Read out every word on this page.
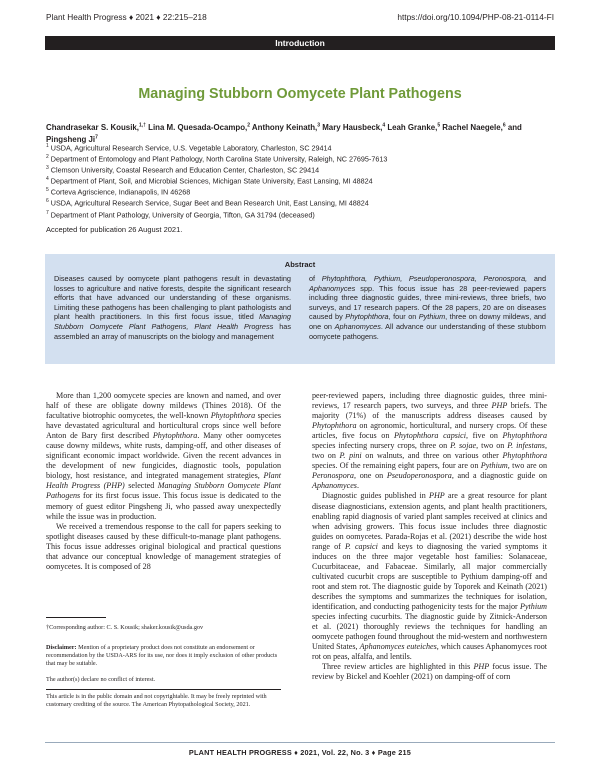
Plant Health Progress ♦ 2021 ♦ 22:215–218	https://doi.org/10.1094/PHP-08-21-0114-FI
Introduction
Managing Stubborn Oomycete Plant Pathogens
Chandrasekar S. Kousik,$^{1,\dagger}$ Lina M. Quesada-Ocampo,$^2$ Anthony Keinath,$^3$ Mary Hausbeck,$^4$ Leah Granke,$^5$ Rachel Naegele,$^6$ and Pingsheng Ji$^7$
$^1$ USDA, Agricultural Research Service, U.S. Vegetable Laboratory, Charleston, SC 29414
$^2$ Department of Entomology and Plant Pathology, North Carolina State University, Raleigh, NC 27695-7613
$^3$ Clemson University, Coastal Research and Education Center, Charleston, SC 29414
$^4$ Department of Plant, Soil, and Microbial Sciences, Michigan State University, East Lansing, MI 48824
$^5$ Corteva Agriscience, Indianapolis, IN 46268
$^6$ USDA, Agricultural Research Service, Sugar Beet and Bean Research Unit, East Lansing, MI 48824
$^7$ Department of Plant Pathology, University of Georgia, Tifton, GA 31794 (deceased)
Accepted for publication 26 August 2021.
Abstract
Diseases caused by oomycete plant pathogens result in devastating losses to agriculture and native forests, despite the significant research efforts that have advanced our understanding of these organisms. Limiting these pathogens has been challenging to plant pathologists and plant health practitioners. In this first focus issue, titled Managing Stubborn Oomycete Plant Pathogens, Plant Health Progress has assembled an array of manuscripts on the biology and management
of Phytophthora, Pythium, Pseudoperonospora, Peronospora, and Aphanomyces spp. This focus issue has 28 peer-reviewed papers including three diagnostic guides, three mini-reviews, three briefs, two surveys, and 17 research papers. Of the 28 papers, 20 are on diseases caused by Phytophthora, four on Pythium, three on downy mildews, and one on Aphanomyces. All advance our understanding of these stubborn oomycete pathogens.

More than 1,200 oomycete species are known and named, and over half of these are obligate downy mildews (Thines 2018). Of the facultative biotrophic oomycetes, the well-known Phytophthora species have devastated agricultural and horticultural crops since well before Anton de Bary first described Phytophthora. Many other oomycetes cause downy mildews, white rusts, damping-off, and other diseases of significant economic impact worldwide. Given the recent advances in the development of new fungicides, diagnostic tools, population biology, host resistance, and integrated management strategies, Plant Health Progress (PHP) selected Managing Stubborn Oomycete Plant Pathogens for its first focus issue. This focus issue is dedicated to the memory of guest editor Pingsheng Ji, who passed away unexpectedly while the issue was in production.

We received a tremendous response to the call for papers seeking to spotlight diseases caused by these difficult-to-manage plant pathogens. This focus issue addresses original biological and practical questions that advance our conceptual knowledge of management strategies of oomycetes. It is composed of 28

†Corresponding author: C. S. Kousik; shaker.kousik@usda.gov
Disclaimer: Mention of a proprietary product does not constitute an endorsement or recommendation by the USDA-ARS for its use, nor does it imply exclusion of other products that may be suitable.
The author(s) declare no conflict of interest.
This article is in the public domain and not copyrightable. It may be freely reprinted with customary crediting of the source. The American Phytopathological Society, 2021.

peer-reviewed papers, including three diagnostic guides, three mini-reviews, 17 research papers, two surveys, and three PHP briefs. The majority (71%) of the manuscripts address diseases caused by Phytophthora on agronomic, horticultural, and nursery crops. Of these articles, five focus on Phytophthora capsici, five on Phytophthora species infecting nursery crops, three on P. sojae, two on P. infestans, two on P. pini on walnuts, and three on various other Phytophthora species. Of the remaining eight papers, four are on Pythium, two are on Peronospora, one on Pseudoperonospora, and a diagnostic guide on Aphanomyces.

Diagnostic guides published in PHP are a great resource for plant disease diagnosticians, extension agents, and plant health practitioners, enabling rapid diagnosis of varied plant samples received at clinics and when advising growers. This focus issue includes three diagnostic guides on oomycetes. Parada-Rojas et al. (2021) describe the wide host range of P. capsici and keys to diagnosing the varied symptoms it induces on the three major vegetable host families: Solanaceae, Cucurbitaceae, and Fabaceae. Similarly, all major commercially cultivated cucurbit crops are susceptible to Pythium damping-off and root and stem rot. The diagnostic guide by Toporek and Keinath (2021) describes the symptoms and summarizes the techniques for isolation, identification, and conducting pathogenicity tests for the major Pythium species infecting cucurbits. The diagnostic guide by Zitnick-Anderson et al. (2021) thoroughly reviews the techniques for handling an oomycete pathogen found throughout the mid-western and northwestern United States, Aphanomyces euteiches, which causes Aphanomyces root rot on peas, alfalfa, and lentils.

Three review articles are highlighted in this PHP focus issue. The review by Bickel and Koehler (2021) on damping-off of corn

PLANT HEALTH PROGRESS ♦ 2021, Vol. 22, No. 3 ♦ Page 215
